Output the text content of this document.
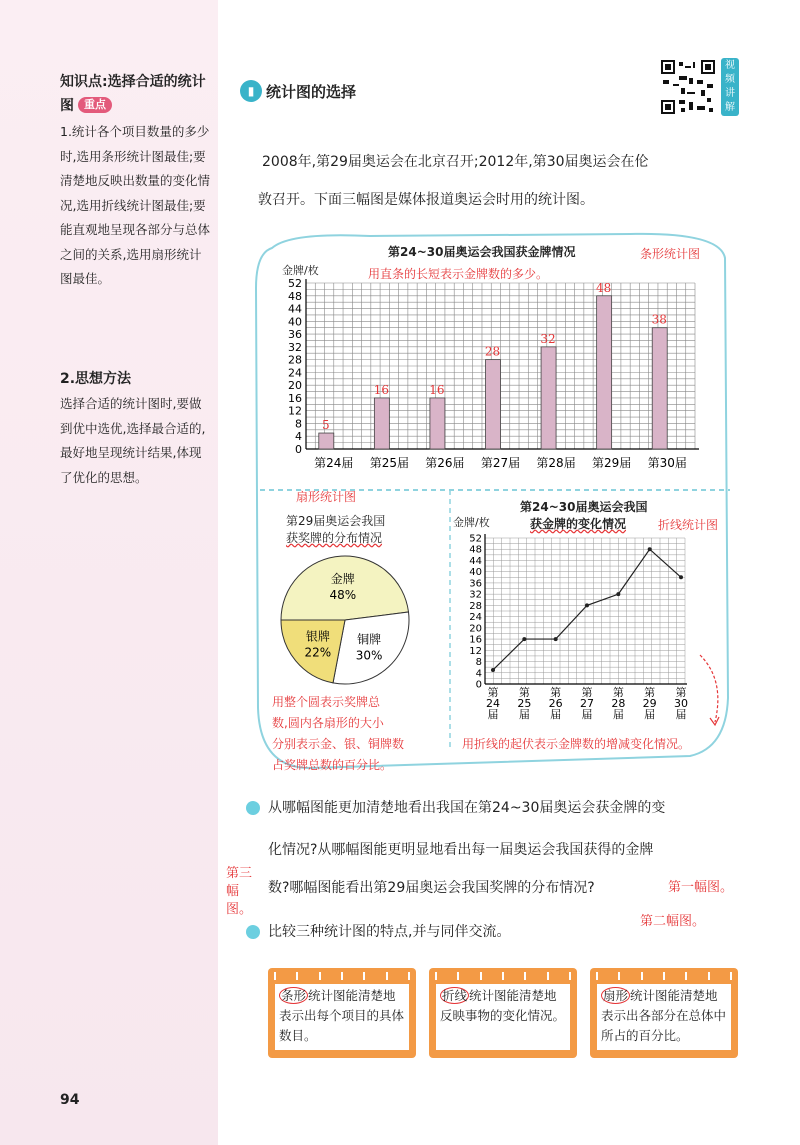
知识点:选择合适的统计图 重点
1.统计各个项目数量的多少时,选用条形统计图最佳;要清楚地反映出数量的变化情况,选用折线统计图最佳;要能直观地呈现各部分与总体之间的关系,选用扇形统计图最佳。
2.思想方法
选择合适的统计图时,要做到优中选优,选择最合适的,最好地呈现统计结果,体现了优化的思想。
94
▮ 统计图的选择
视频讲解
2008年,第29届奥运会在北京召开;2012年,第30届奥运会在伦
敦召开。下面三幅图是媒体报道奥运会时用的统计图。
第24~30届奥运会我国获金牌情况	条形统计图
用直条的长短表示金牌数的多少。
金牌/枚
0
4
8
12
16
20
24
28
32
36
40
44
48
52
5
第24届
16
第25届
16
第26届
28
第27届
32
第28届
48
第29届
38
第30届
扇形统计图
第29届奥运会我国
获奖牌的分布情况
金牌
48%
铜牌
30%
银牌
22%
用整个圆表示奖牌总
数,圆内各扇形的大小
分别表示金、银、铜牌数
占奖牌总数的百分比。
第24~30届奥运会我国
获金牌的变化情况	折线统计图
金牌/枚
0
4
8
12
16
20
24
28
32
36
40
44
48
52
第 24 届
第 25 届
第 26 届
第 27 届
第 28 届
第 29 届
第 30 届
用折线的起伏表示金牌数的增减变化情况。
从哪幅图能更加清楚地看出我国在第24~30届奥运会获金牌的变
化情况?从哪幅图能更明显地看出每一届奥运会我国获得的金牌
数?哪幅图能看出第29届奥运会我国奖牌的分布情况?
第三幅图。
第一幅图。
第二幅图。
比较三种统计图的特点,并与同伴交流。
条形 统计图能清楚地表示出每个项目的具体数目。
折线 统计图能清楚地反映事物的变化情况。
扇形 统计图能清楚地表示出各部分在总体中所占的百分比。
